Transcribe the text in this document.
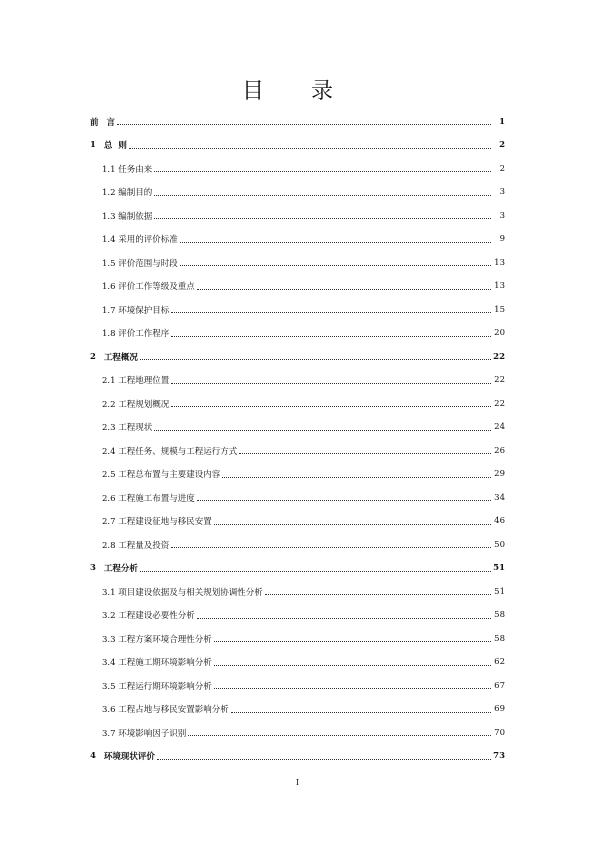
目 录
前 言	1
1 总  则	2
1.1 任务由来	2
1.2 编制目的	3
1.3 编制依据	3
1.4 采用的评价标准	9
1.5 评价范围与时段	13
1.6 评价工作等级及重点	13
1.7 环境保护目标	15
1.8 评价工作程序	20
2 工程概况	22
2.1 工程地理位置	22
2.2 工程规划概况	22
2.3 工程现状	24
2.4 工程任务、规模与工程运行方式	26
2.5 工程总布置与主要建设内容	29
2.6 工程施工布置与进度	34
2.7 工程建设征地与移民安置	46
2.8 工程量及投资	50
3 工程分析	51
3.1 项目建设依据及与相关规划协调性分析	51
3.2 工程建设必要性分析	58
3.3 工程方案环境合理性分析	58
3.4 工程施工期环境影响分析	62
3.5 工程运行期环境影响分析	67
3.6 工程占地与移民安置影响分析	69
3.7 环境影响因子识别	70
4 环境现状评价	73
I
